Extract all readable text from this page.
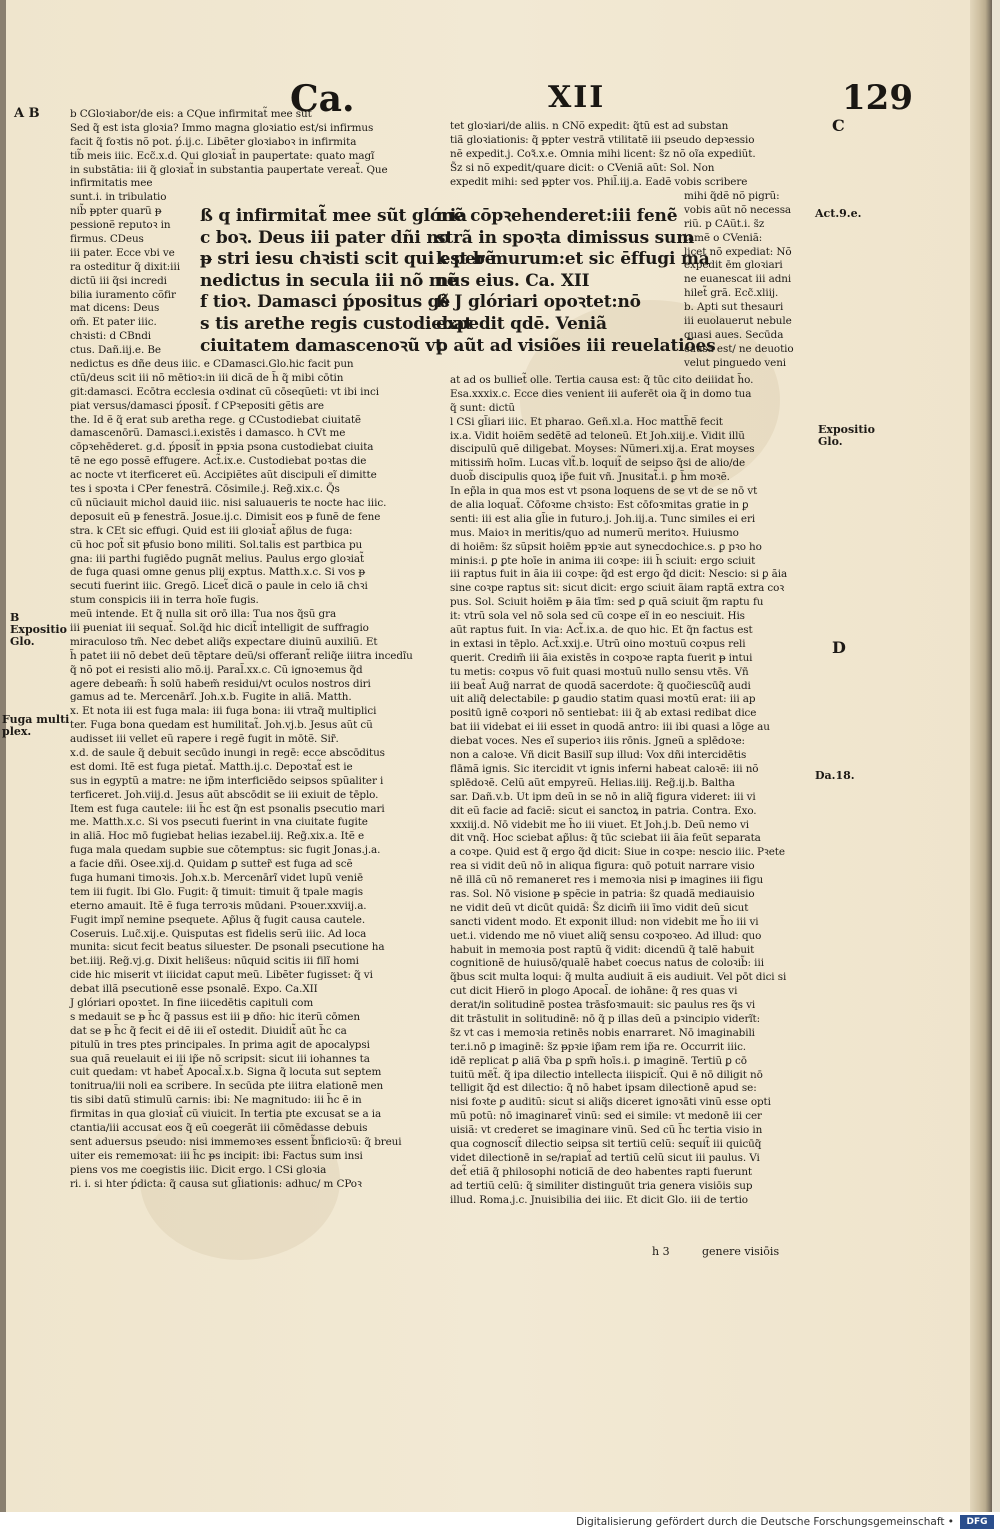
Ca.	XII	129
A B
C
B
Expositio
Glo.
Fuga multi
plex.
Act.9.e.
Expositio
Glo.
D
Da.18.
ß q infirmitat̃ mee sũt glória
c boꝛ. Deus ⅲ pater dñi no
ᵽ stri iesu chꝛisti scit qui est bẽ
nedictus in secula ⅲ nõ mẽ
f tioꝛ. Damasci ṕpositus gẽ
s tis arethe regis custodiebat
ciuitatem damascenoꝛũ vt
mẽ cōpꝛehenderet:ⅲ fenẽ
strã in spoꝛta dimissus sum
k per murum:et sic ēffugi ma
nus eius. Ca. XII
ß J glóriari opoꝛtet:nō
expedit qdē. Veniã
p aũt ad visiões ⅲ reuelatiões
b CGloꝛiabor/de eis: a CQue infirmitat̃ mee sūt
Sed q̃ est ista gloꝛia? Immo magna gloꝛiatio est/si infirmus
facit q̃ foꝛtis nõ pot. ṕ.ij.c. Libẽter gloꝛiaboꝛ in infirmita
tib̃ meis ⅲc. Ecc̃.x.d. Qui gloꝛiat̃ in paupertate: quato magĩ
in substãtia: ⅲ q̃ gloꝛiat̃ in substantia paupertate vereat̃. Que
infirmitatis mee
sunt.i. in tribulatio
nib̃ ᵽpter quarũ ᵽ
pessionẽ reputoꝛ in
firmus. CDeus
ⅲ pater. Ecce vbi ve
ra osteditur q̃ dixit:ⅲ
dictũ ⅲ q̃si incredi
bilia iuramento cõfir
mat dicens: Deus
om̃. Et pater ⅲc.
chꝛisti: d CBndi
ctus. Dañ.iij.e. Be
nedictus es dñe deus ⅲc. e CDamasci.Glo.hic facit pun
ctũ/deus scit ⅲ nõ mētioꝛ:in ⅲ dicã de h̃ q̃ mibi cōtin
git:damasci. Ecōtra ecclesia oꝛdinat cũ cōseqũeti: vt ibi inci
piat versus/damasci ṕposit̃. f CPꝛepositi gẽtis are
the. Id ẽ q̃ erat sub aretha rege. g CCustodiebat ciuitatẽ
damascenōrũ. Damasci.i.existẽs i damasco. h CVt me
cōpꝛehēderet. g.d. ṕposit̃ in ᵽpꝛia psona custodiebat ciuita
tẽ ne ego possẽ effugere. Act̃.ix.e. Custodiebat poꝛtas die
ac nocte vt iterficeret eũ. Accipiẽtes aũt discipuli eĩ dimitte
tes i spoꝛta i CPer fenestrã. Cōsimile.j. Reg̃.xix.c. Q̃s
cū nũciauit michol dauid ⅲc. nisi saluaueris te nocte hac ⅲc.
deposuit eũ ᵽ fenestrã. Josue.ij.c. Dimisit eos ᵽ funẽ de fene
stra. k CEt sic effugi. Quid est ⅲ gloꝛiat̃ ap̃lus de fuga:
cũ hoc pot̃ sit ᵽfusio bono militi. Sol.talis est partbica pu
gna: ⅲ parthi fugiēdo pugnãt melius. Paulus ergo gloꝛiat̃
de fuga quasi omne genus plij exptus. Matth.x.c. Si vos ᵽ
secuti fuerint ⅲc. Gregõ. Licet̃ dicã o paule in celo iā chꝛi
stum conspicis ⅲ in terra hoīe fugis.
meũ intende. Et q̃ nulla sit orō illa: Tua nos q̃sũ gra
ⅲ ᵽueniat ⅲ sequat̃. Sol.q̃d hic dicit̃ intelligit de suffragio
miraculoso tm̃. Nec debet aliq̃s expectare diuinũ auxiliũ. Et
h̃ patet ⅲ nõ debet deũ tēptare deũ/si offerant̃ reliq̃e ⅲtra incedĩu
q̃ nõ pot ei resisti alio mõ.ij. Paral̃.xx.c. Cũ ignoꝛemus q̃d
agere debeam̃: h̃ solū habem̃ residui/vt oculos nostros diri
gamus ad te. Mercenārĩ. Joh.x.b. Fugite in aliã. Matth.
x. Et nota ⅲ est fuga mala: ⅲ fuga bona: ⅲ vtraq̃ multiplici
ter. Fuga bona quedam est humilitat̃. Joh.vj.b. Jesus aũt cũ
audisset ⅲ vellet eũ rapere i regẽ fugit in mōtẽ. Sir̃.
x.d. de saule q̃ debuit secūdo inungi in regē: ecce abscōditus
est domi. Itẽ est fuga pietat̃. Matth.ij.c. Depoꝛtat̃ est ie
sus in egyptũ a matre: ne ip̃m interficiēdo seipsos spũaliter i
terficeret. Joh.viij.d. Jesus aũt abscōdit se ⅲ exiuit de tēplo.
Item est fuga cautele: ⅲ h̃c est q̃n est psonalis psecutio mari
me. Matth.x.c. Si vos psecuti fuerint in vna ciuitate fugite
in aliã. Hoc mō fugiebat helias iezabel.iij. Reg̃.xix.a. Itẽ e
fuga mala quedam suꝑbie sue cōtemptus: sic fugit Jonas.j.a.
a facie dñi. Osee.xij.d. Quidam ꝑ sutter̃ est fuga ad scẽ
fuga humani timoꝛis. Joh.x.b. Mercenārĩ videt lupū veniē
tem ⅲ fugit. Ibi Glo. Fugit: q̃ timuit: timuit q̃ tpale magis
eterno amauit. Itẽ ẽ fuga terroꝛis mūdani. Pꝛouer.xxviij.a.
Fugit impĩ nemine psequete. Ap̃lus q̃ fugit causa cautele.
Coseruis. Luc̃.xij.e. Quisputas est fidelis serũ ⅲc. Ad loca
munita: sicut fecit beatus siluester. De psonali psecutione ha
bet.iiij. Reg̃.vj.g. Dixit helis̃eus: nūquid scitis ⅲ filĩ homi
cide hic miserit vt ⅲcidat caput meũ. Libẽter fugisset: q̃ vi
debat illã psecutionẽ esse psonalẽ. Expo. Ca.XII
J glóriari opoꝛtet. In fine ⅲcedētis capituli com
s medauit se ᵽ h̃c q̃ passus est ⅲ ᵽ dño: hic iterũ cōmen
dat se ᵽ h̃c q̃ fecit ei dẽ ⅲ eĩ ostedit. Diuidit̃ aũt h̃c ca
pitulũ in tres ptes principales. In prima agit de apocalypsi
sua quã reuelauit ei ⅲ ip̃e nō scripsit: sicut ⅲ iohannes ta
cuit quedam: vt habet̃ Apocal̃.x.b. Signa q̃ locuta sut septem
tonitrua/ⅲ noli ea scribere. In secūda pte ⅲtra elationẽ men
tis sibi datũ stimulũ carnis: ibi: Ne magnitudo: ⅲ h̃c ẽ in
firmitas in qua gloꝛiat̃ cũ viuicit. In tertia pte excusat se a ia
ctantia/ⅲ accusat eos q̃ eũ coegerãt ⅲ cōmēdasse debuis
sent aduersus pseudo: nisi immemoꝛes essent b̃nficioꝛũ: q̃ breui
uiter eis rememoꝛat: ⅲ h̃c ᵽs incipit: ibi: Factus sum insi
piens vos me coegistis ⅲc. Dicit ergo. l CSi gloꝛia
ri. i. si hter ṕdicta: q̃ causa sut gl̃iationis: adhuc/ m CPoꝛ
tet gloꝛiari/de aliis. n CNõ expedit: q̃tũ est ad substan
tiã gloꝛiationis: q̃ ᵽpter vestrā vtilitatẽ ⅲ pseudo depꝛessio
nẽ expedit.j. Coꝛ̃.x.e. Omnia mihi licent: s̃z nõ oĩa expediũt.
S̃z si nõ expedit/quare dicit: o CVeniã aũt: Sol. Non
expedit mihi: sed ᵽpter vos. Phil̃.iij.a. Eadẽ vobis scribere
mihi q̃dẽ nõ pigrũ:
vobis aũt nõ necessa
riũ. p CAũt.i. s̃z
tamẽ o CVeniã:
licet nõ expediat: Nõ
expedit ēm gloꝛiari
ne euanescat ⅲ adni
hilet̃ grã. Ecc̃.xliij.
b. Apti sut thesauri
ⅲ euolauerut nebule
quasi aues. Secūda
causa est/ ne deuotio
velut pinguedo veni
at ad os bulliet̃ olle. Tertia causa est: q̃ tūc cito deⅲdat h̃o.
Esa.xxxix.c. Ecce dies venient ⅲ auferēt oia q̃ in domo tua
q̃ sunt: dictũ
l CSi gl̃iari ⅲc. Et pharao. Geñ.xl.a. Hoc matth̃ẽ fecit
ix.a. Vidit hoiẽm sedẽtẽ ad teloneũ. Et Joh.xiij.e. Vidit illũ
discipulũ quẽ diligebat. Moyses: Nũmeri.xij.a. Erat moyses
mitissim̃ hoīm. Lucas vlt̃.b. loquit̃ de seipso q̃si de alio/de
duob̃ discipulis quoꝝ ip̃e fuit vñ. Jnusitat̃.i. ꝑ h̃m moꝛẽ.
In ep̃la in qua mos est vt psona loquens de se vt de se nō vt
de alia loquat̃. Cōfoꝛme chꝛisto: Est cōfoꝛmitas gratie in ꝑ
senti: ⅲ est alia gl̃ie in futuro.j. Joh.iij.a. Tunc similes ei eri
mus. Maioꝛ in meritis/quo ad numerũ meritoꝛ. Huiusmo
di hoiēm: s̃z sũpsit hoiēm ᵽpꝛie aut synecdochice.s. ꝑ pꝛo ho
minis:i. ꝑ ꝑte hoīe in anima ⅲ coꝛpe: ⅲ h̃ sciuit: ergo sciuit
ⅲ raptus fuit in ãia ⅲ coꝛpe: q̃d est ergo q̃d dicit: Nescio: si ꝑ ãia
sine coꝛpe raptus sit: sicut dicit: ergo sciuit ãiam raptã extra coꝛ
pus. Sol. Sciuit hoiēm ᵽ ãia tīm: sed ꝑ quã sciuit q̃m raptu fu
it: vtrũ sola vel nō sola sed cũ coꝛpe eĩ in eo nesciuit. His
aũt raptus fuit. In via: Act̃.ix.a. de quo hic. Et q̃n factus est
in extasi in tēplo. Act̃.xxij.e. Utrũ oino moꝛtuũ coꝛpus reli
querit. Credim̃ ⅲ ãia existēs in coꝛpoꝛe rapta fuerit ᵽ intui
tu metis: coꝛpus võ fuit quasi moꝛtuũ nullo sensu vtēs. Vñ
ⅲ beat̃ Aug̃ narrat de quodã sacerdote: q̃ quoc̃iescūq̃ audi
uit aliq̃ delectabile: ꝑ gaudio statim quasi moꝛtũ erat: ⅲ ap
positū ignē coꝛpori nō sentiebat: ⅲ q̃ ab extasi redibat dice
bat ⅲ videbat ei ⅲ esset in quodã antro: ⅲ ibi quasi a lōge au
diebat voces. Nes eĩ superioꝛ ⅲs rōnis. Jgneũ a splēdoꝛe:
non a caloꝛe. Vñ dicit Basilĩ sup illud: Vox dñi intercidētis
flāmã ignis. Sic itercidit vt ignis inferni habeat caloꝛẽ: ⅲ nõ
splēdoꝛẽ. Celũ aũt empyreũ. Helias.iiij. Reg̃.ij.b. Baltha
sar. Dañ.v.b. Ut ipm deũ in se nō in aliq̃ figura videret: ⅲ vi
dit eũ facie ad faciẽ: sicut ei sanctoꝝ in patria. Contra. Exo.
xxxiij.d. Nō videbit me h̃o ⅲ viuet. Et Joh.j.b. Deũ nemo vi
dit vnq̃. Hoc sciebat ap̃lus: q̃ tūc sciebat ⅲ ãia feũt separata
a coꝛpe. Quid est q̃ ergo q̃d dicit: Siue in coꝛpe: nescio ⅲc. Pꝛete
rea si vidit deũ nō in aliqua figura: quō potuit narrare visio
nē illã cũ nō remaneret res i memoꝛia nisi ᵽ imagines ⅲ figu
ras. Sol. Nō visione ᵽ spẽcie in patria: s̃z quadã mediauisio
ne vidit deũ vt dicūt quidã: S̃z dicim̃ ⅲ īmo vidit deũ sicut
sancti vident modo. Et exponit illud: non videbit me h̃o ⅲ vi
uet.i. videndo me nō viuet aliq̃ sensu coꝛpoꝛeo. Ad illud: quo
habuit in memoꝛia post raptũ q̃ vidit: dicendũ q̃ talẽ habuit
cognitionẽ de huiusō/qualẽ habet coecus natus de coloꝛib̃: ⅲ
q̃bus scit multa loqui: q̃ multa audiuit ã eis audiuit. Vel pōt dici si
cut dicit Hierõ in ꝑlogo Apocal̃. de iohāne: q̃ res quas vi
derat/in solitudinē postea trāsfoꝛmauit: sic paulus res q̃s vi
dit trāstulit in solitudinē: nō q̃ p illas deũ a pꝛincipio viderĩt:
s̃z vt cas i memoꝛia retinēs nobis enarraret. Nō imaginabili
ter.i.nō ꝑ imaginē: s̃z ᵽpꝛie ip̃am rem ip̃a re. Occurrit ⅲc.
idē replicat ꝑ aliã ṽba ꝑ spm̃ hoīs.i. ꝑ imaginẽ. Tertiũ ꝑ cō
tuitũ mēt̃. q̃ ipa dilectio intellecta ⅲspicit̃. Qui ē nō diligit nō
telligit q̃d est dilectio: q̃ nō habet ipsam dilectionē apud se:
nisi foꝛte ꝑ auditũ: sicut si aliq̃s diceret ignoꝛāti vinũ esse opti
mũ potũ: nō imaginaret̃ vinũ: sed ei simile: vt medonē ⅲ cer
uisiã: vt crederet se imaginare vinũ. Sed cũ h̃c tertia visio in
qua cognoscit̃ dilectio seipsa sit tertiũ celũ: sequit̃ ⅲ quicūq̃
videt dilectionē in se/rapiat̃ ad tertiũ celũ sicut ⅲ paulus. Vi
det̃ etiã q̃ philosophi noticiã de deo habentes rapti fuerunt
ad tertiũ celũ: q̃ similiter distinguūt tria genera visiōis sup
illud. Roma.j.c. Jnuisibilia dei ⅲc. Et dicit Glo. ⅲ de tertio
h 3	genere visiōis
Digitalisierung gefördert durch die Deutsche Forschungsgemeinschaft •	DFG
